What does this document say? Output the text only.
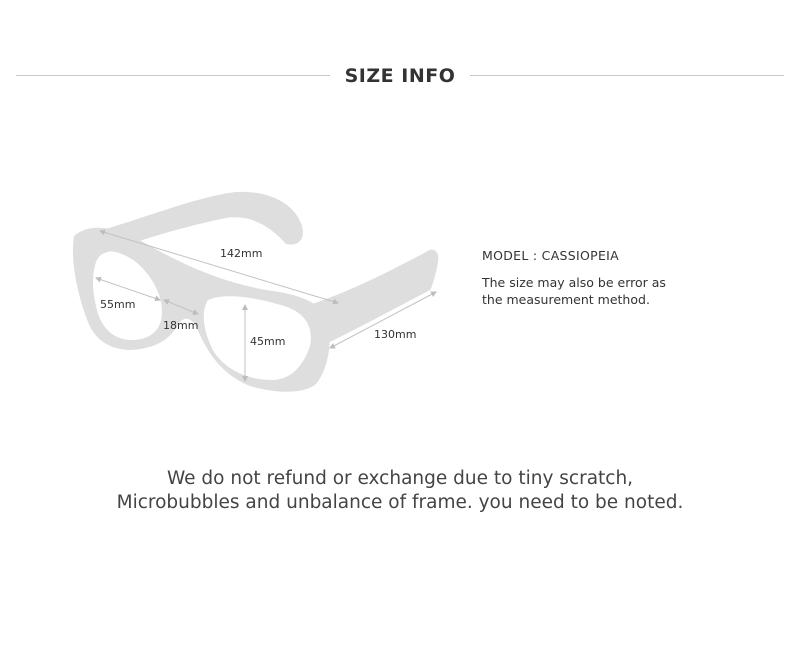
SIZE INFO
142mm
55mm
18mm
45mm
130mm
MODEL : CASSIOPEIA
The size may also be error as
the measurement method.
We do not refund or exchange due to tiny scratch,
Microbubbles and unbalance of frame. you need to be noted.
